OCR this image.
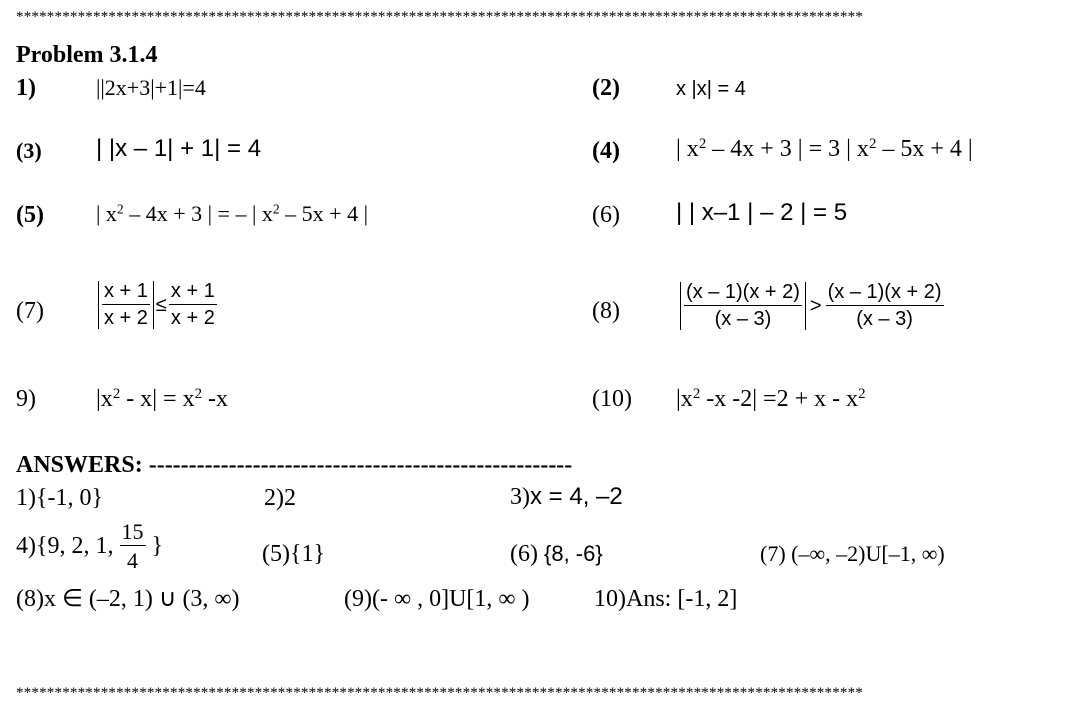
**************************************************************************************************************
**************************************************************************************************************
Problem 3.1.4
1)	||2x+3|+1|=4	(2)	x |x| = 4
(3) | |x – 1| + 1| = 4	(4) | $x^2 - 4x + 3$ | = 3 | $x^2 - 5x + 4$ |
(5) | $x^2 - 4x + 3$ | = – | $x^2 - 5x + 4$ |	(6) | | x–1 | – 2 | = 5
(7)	$\frac{x + 1}{x + 2} \le \frac{x + 1}{x + 2}$	(8)	$\frac{(x - 1)(x + 2)}{(x - 3)} > \frac{(x - 1)(x + 2)}{(x - 3)}$
9)	$|x^2 - x| = x^2$ -x	(10) $|x^2$ -x $-2| =2 + x - x^2$
ANSWERS: -----------------------------------------------------
1){-1, 0}	2)2	3)x = 4, –2
4){9, 2, 1, $\frac{15}{4}$ }	(5){1}	(6) {8, -6}	(7) (–∞, –2)U[–1, ∞)
(8)x ∈ (–2, 1) ∪ (3, ∞)	(9)(- ∞ , 0]U[1, ∞ )	10)Ans: [-1, 2]
